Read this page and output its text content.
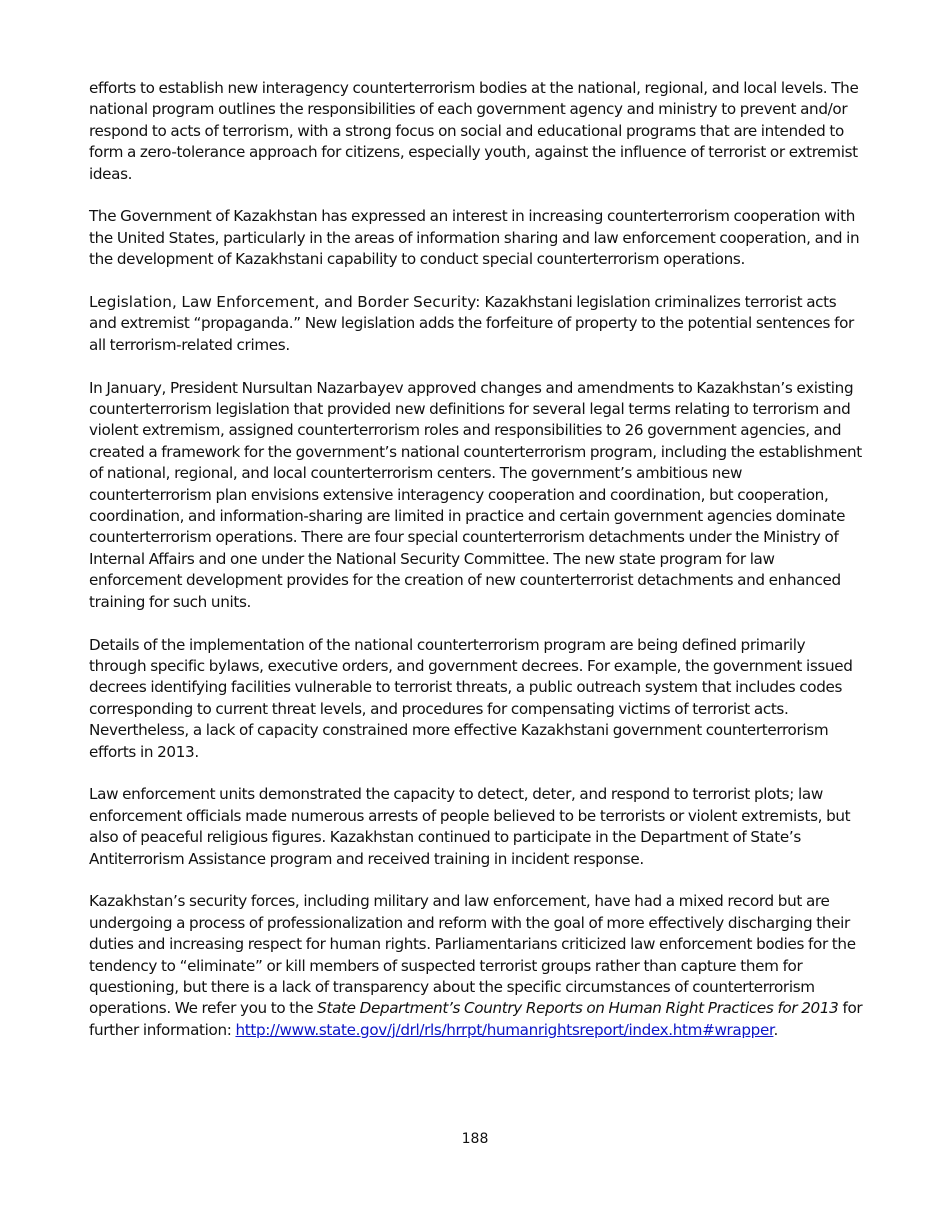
efforts to establish new interagency counterterrorism bodies at the national, regional, and local levels. The national program outlines the responsibilities of each government agency and ministry to prevent and/or respond to acts of terrorism, with a strong focus on social and educational programs that are intended to form a zero-tolerance approach for citizens, especially youth, against the influence of terrorist or extremist ideas.

The Government of Kazakhstan has expressed an interest in increasing counterterrorism cooperation with the United States, particularly in the areas of information sharing and law enforcement cooperation, and in the development of Kazakhstani capability to conduct special counterterrorism operations.

Legislation, Law Enforcement, and Border Security: Kazakhstani legislation criminalizes terrorist acts and extremist “propaganda.” New legislation adds the forfeiture of property to the potential sentences for all terrorism-related crimes.

In January, President Nursultan Nazarbayev approved changes and amendments to Kazakhstan’s existing counterterrorism legislation that provided new definitions for several legal terms relating to terrorism and violent extremism, assigned counterterrorism roles and responsibilities to 26 government agencies, and created a framework for the government’s national counterterrorism program, including the establishment of national, regional, and local counterterrorism centers. The government’s ambitious new counterterrorism plan envisions extensive interagency cooperation and coordination, but cooperation, coordination, and information-sharing are limited in practice and certain government agencies dominate counterterrorism operations. There are four special counterterrorism detachments under the Ministry of Internal Affairs and one under the National Security Committee. The new state program for law enforcement development provides for the creation of new counterterrorist detachments and enhanced training for such units.

Details of the implementation of the national counterterrorism program are being defined primarily through specific bylaws, executive orders, and government decrees. For example, the government issued decrees identifying facilities vulnerable to terrorist threats, a public outreach system that includes codes corresponding to current threat levels, and procedures for compensating victims of terrorist acts. Nevertheless, a lack of capacity constrained more effective Kazakhstani government counterterrorism efforts in 2013.

Law enforcement units demonstrated the capacity to detect, deter, and respond to terrorist plots; law enforcement officials made numerous arrests of people believed to be terrorists or violent extremists, but also of peaceful religious figures. Kazakhstan continued to participate in the Department of State’s Antiterrorism Assistance program and received training in incident response.

Kazakhstan’s security forces, including military and law enforcement, have had a mixed record but are undergoing a process of professionalization and reform with the goal of more effectively discharging their duties and increasing respect for human rights. Parliamentarians criticized law enforcement bodies for the tendency to “eliminate” or kill members of suspected terrorist groups rather than capture them for questioning, but there is a lack of transparency about the specific circumstances of counterterrorism operations. We refer you to the State Department’s Country Reports on Human Right Practices for 2013 for further information: http://www.state.gov/j/drl/rls/hrrpt/humanrightsreport/index.htm#wrapper.

188
